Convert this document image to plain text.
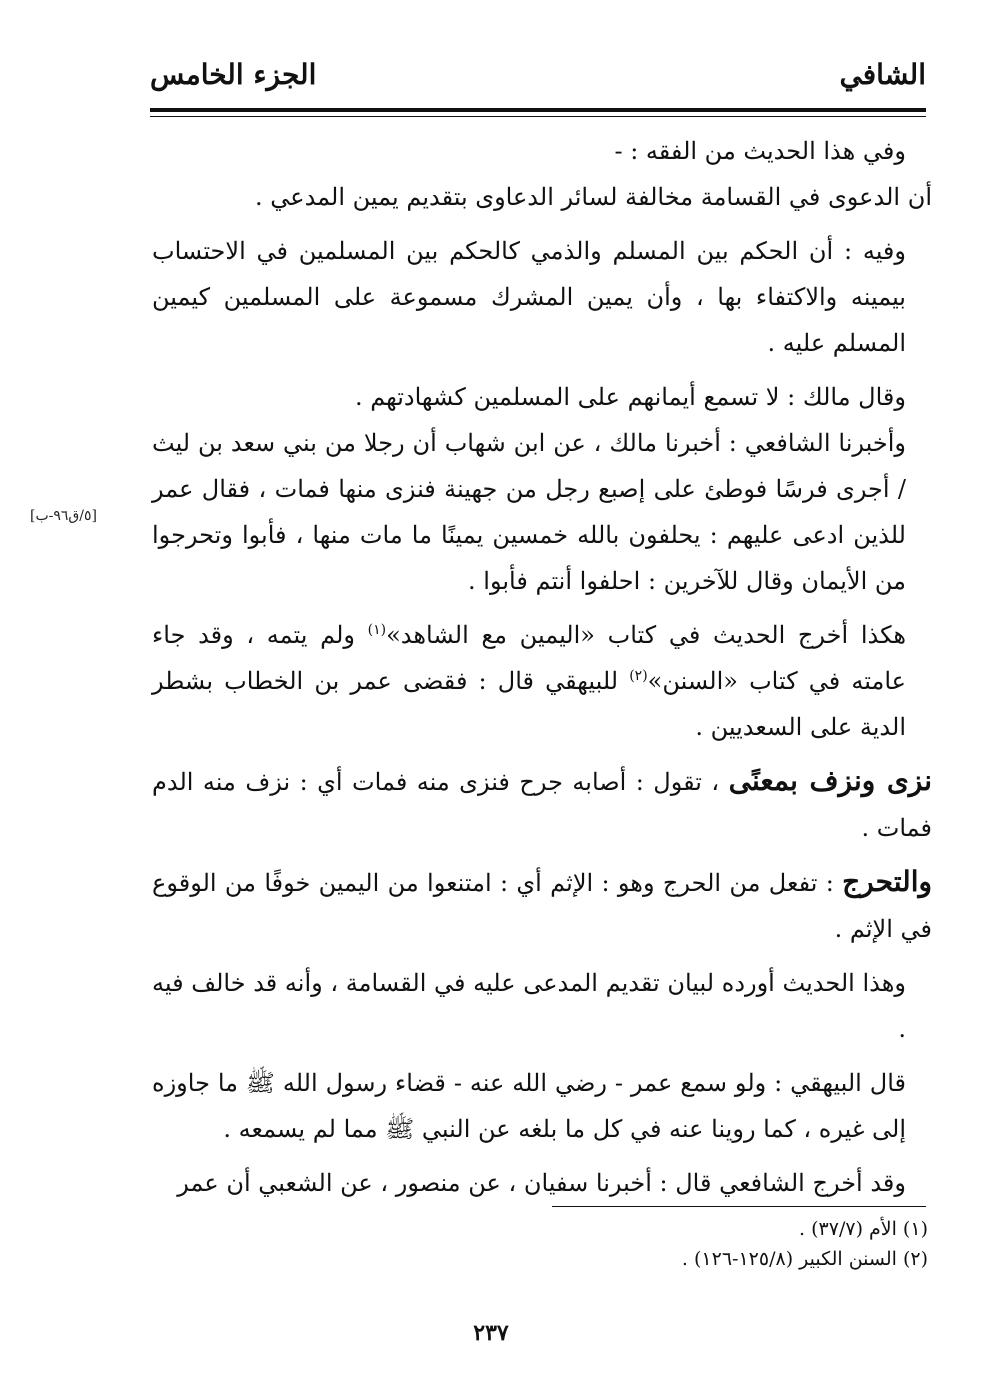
الشافي
الجزء الخامس
[٥/ق٩٦-ب]

وفي هذا الحديث من الفقه : -

أن الدعوى في القسامة مخالفة لسائر الدعاوى بتقديم يمين المدعي .

وفيه : أن الحكم بين المسلم والذمي كالحكم بين المسلمين في الاحتساب بيمينه والاكتفاء بها ، وأن يمين المشرك مسموعة على المسلمين كيمين المسلم عليه .

وقال مالك : لا تسمع أيمانهم على المسلمين كشهادتهم .

وأخبرنا الشافعي : أخبرنا مالك ، عن ابن شهاب أن رجلا من بني سعد بن ليث / أجرى فرسًا فوطئ على إصبع رجل من جهينة فنزى منها فمات ، فقال عمر للذين ادعى عليهم : يحلفون بالله خمسين يمينًا ما مات منها ، فأبوا وتحرجوا من الأيمان وقال للآخرين : احلفوا أنتم فأبوا .

هكذا أخرج الحديث في كتاب «اليمين مع الشاهد»$^{(١)}$ ولم يتمه ، وقد جاء عامته في كتاب «السنن»$^{(٢)}$ للبيهقي قال : فقضى عمر بن الخطاب بشطر الدية على السعديين .

نزى ونزف بمعنًى ، تقول : أصابه جرح فنزى منه فمات أي : نزف منه الدم فمات .

والتحرج : تفعل من الحرج وهو : الإثم أي : امتنعوا من اليمين خوفًا من الوقوع في الإثم .

وهذا الحديث أورده لبيان تقديم المدعى عليه في القسامة ، وأنه قد خالف فيه .

قال البيهقي : ولو سمع عمر - رضي الله عنه - قضاء رسول الله ﷺ ما جاوزه إلى غيره ، كما روينا عنه في كل ما بلغه عن النبي ﷺ مما لم يسمعه .

وقد أخرج الشافعي قال : أخبرنا سفيان ، عن منصور ، عن الشعبي أن عمر

(١) الأم (٣٧/٧) .
(٢) السنن الكبير (١٢٥/٨-١٢٦) .
٢٣٧
